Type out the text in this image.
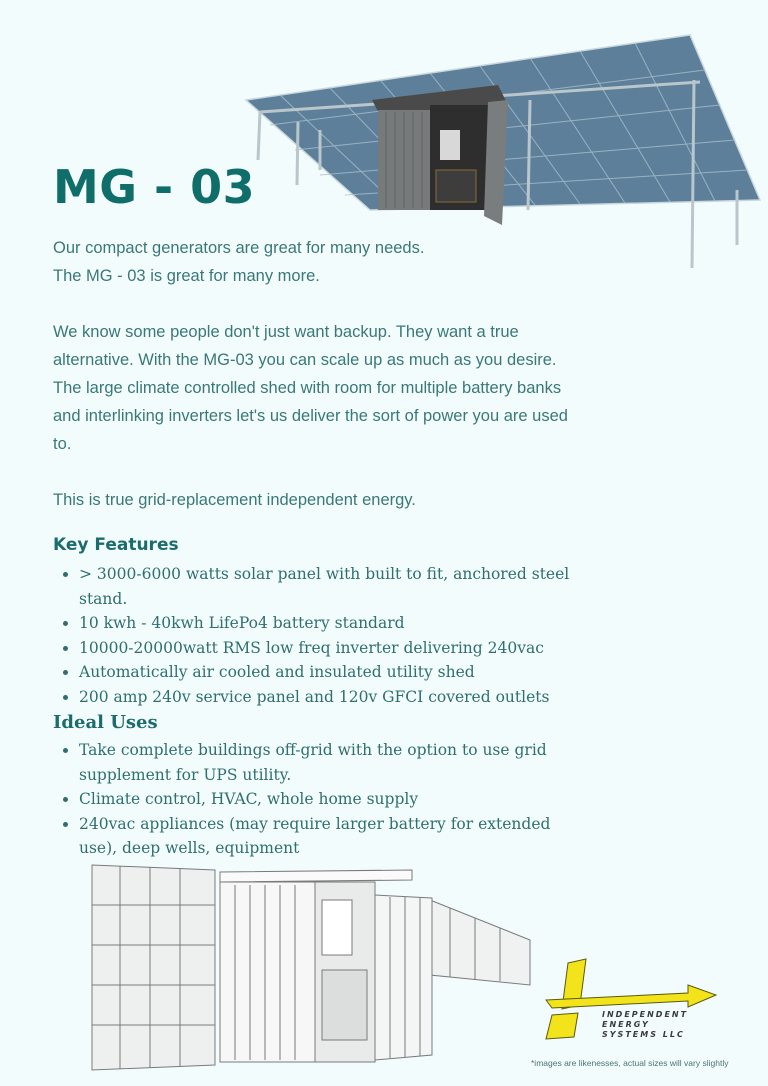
MG - 03

Our compact generators are great for many needs.

The MG - 03 is great for many more.

We know some people don't just want backup. They want a true alternative. With the MG-03 you can scale up as much as you desire. The large climate controlled shed with room for multiple battery banks and interlinking inverters let's us deliver the sort of power you are used to.

This is true grid-replacement independent energy.

Key Features
• > 3000-6000 watts solar panel with built to fit, anchored steel stand.
• 10 kwh - 40kwh LifePo4 battery standard
• 10000-20000watt RMS low freq inverter delivering 240vac
• Automatically air cooled and insulated utility shed
• 200 amp 240v service panel and 120v GFCI covered outlets
Ideal Uses
• Take complete buildings off-grid with the option to use grid supplement for UPS utility.
• Climate control, HVAC, whole home supply
• 240vac appliances (may require larger battery for extended use), deep wells, equipment
INDEPENDENT
ENERGY
SYSTEMS LLC
*images are likenesses, actual sizes will vary slightly
